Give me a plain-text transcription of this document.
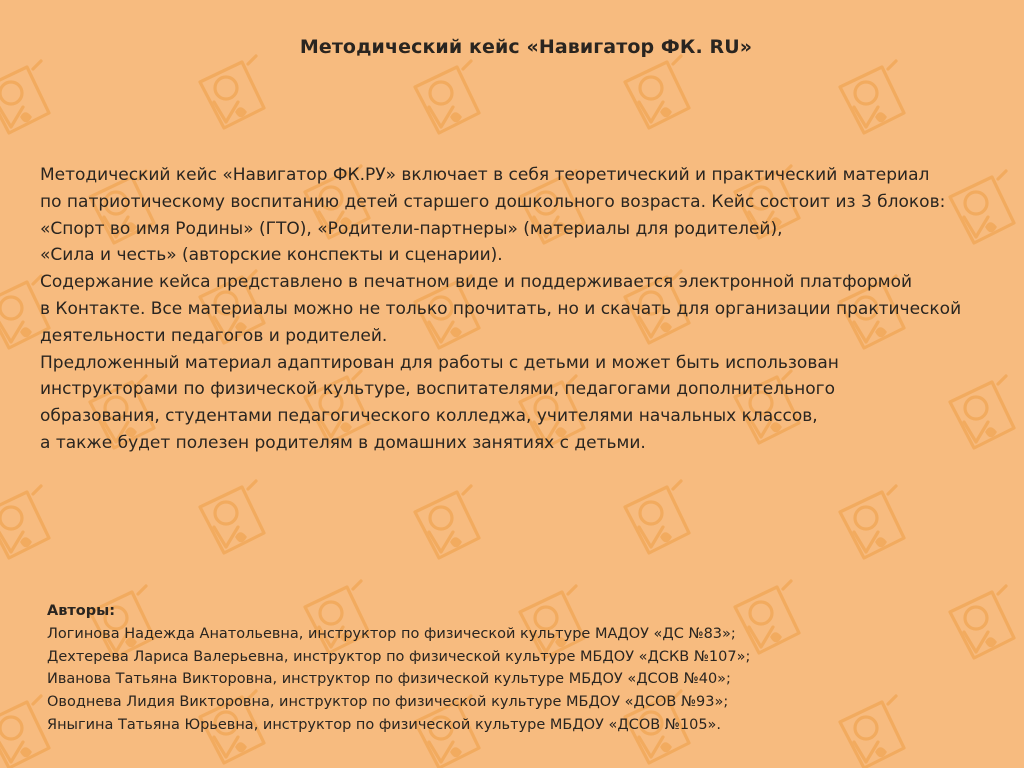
Методический кейс «Навигатор ФК. RU»
Методический кейс «Навигатор ФК.РУ» включает в себя теоретический и практический материал
по патриотическому воспитанию детей старшего дошкольного возраста. Кейс состоит из 3 блоков:
«Спорт во имя Родины» (ГТО), «Родители-партнеры» (материалы для родителей),
«Сила и честь» (авторские конспекты и сценарии).
Содержание кейса представлено в печатном виде и поддерживается электронной платформой
в Контакте. Все материалы можно не только прочитать, но и скачать для организации практической
деятельности педагогов и родителей.
Предложенный материал адаптирован для работы с детьми и может быть использован
инструкторами по физической культуре, воспитателями, педагогами дополнительного
образования, студентами педагогического колледжа, учителями начальных классов,
а также будет полезен родителям в домашних занятиях с детьми.
Авторы:
Логинова Надежда Анатольевна, инструктор по физической культуре МАДОУ «ДС №83»;
Дехтерева Лариса Валерьевна, инструктор по физической культуре МБДОУ «ДСКВ №107»;
Иванова Татьяна Викторовна, инструктор по физической культуре МБДОУ «ДСОВ №40»;
Оводнева Лидия Викторовна, инструктор по физической культуре МБДОУ «ДСОВ №93»;
Яныгина Татьяна Юрьевна, инструктор по физической культуре МБДОУ «ДСОВ №105».
